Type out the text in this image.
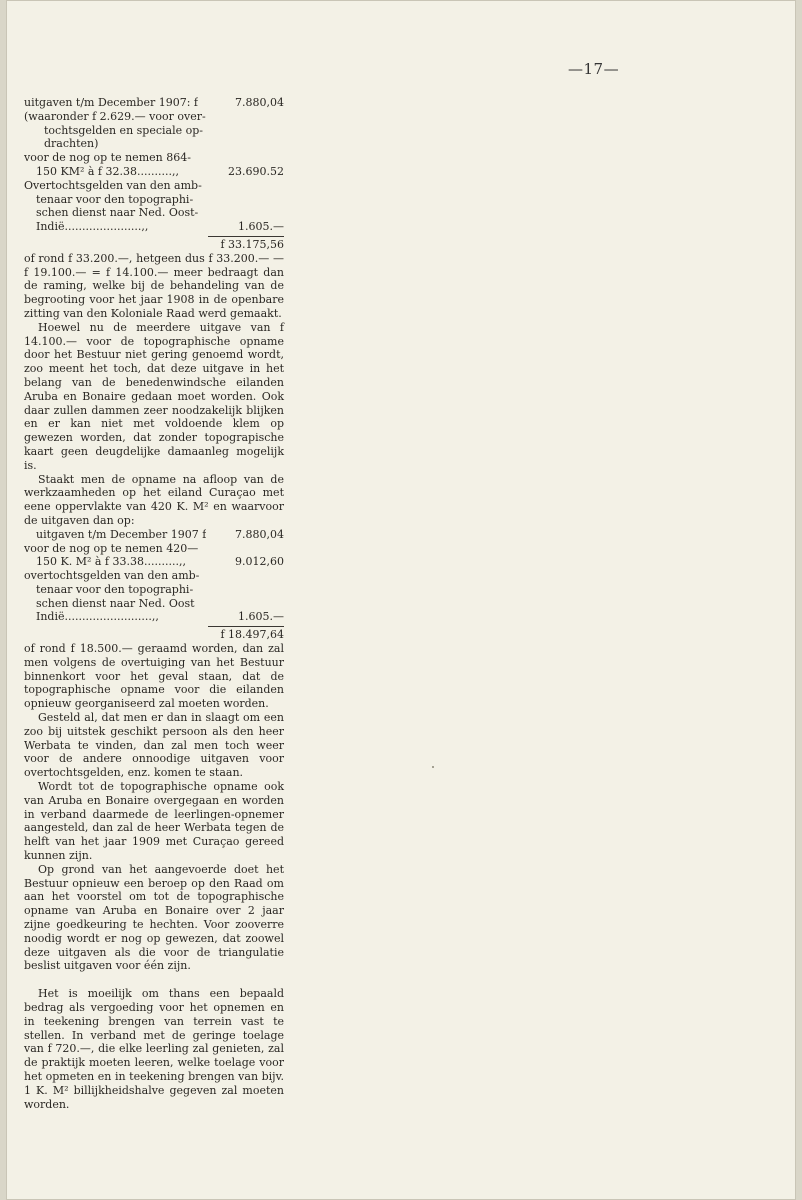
—17—
uitgaven t/m December 1907: f	7.880,04
(waaronder f 2.629.— voor over-
tochtsgelden en speciale op-
drachten)
voor de nog op te nemen 864-
150 KM² à f 32.38..........,,	23.690.52
Overtochtsgelden van den amb-
tenaar voor den topographi-
schen dienst naar Ned. Oost-
Indië......................,,	1.605.—
f 33.175,56
of rond f 33.200.—, hetgeen dus f 33.200.— —f 19.100.— = f 14.100.— meer bedraagt dan de raming, welke bij de behandeling van de begrooting voor het jaar 1908 in de openbare zitting van den Koloniale Raad werd gemaakt.
Hoewel nu de meerdere uitgave van f 14.100.— voor de topographische opname door het Bestuur niet gering genoemd wordt, zoo meent het toch, dat deze uitgave in het belang van de benedenwindsche eilanden Aruba en Bonaire gedaan moet worden. Ook daar zullen dammen zeer noodzakelijk blijken en er kan niet met voldoende klem op gewezen worden, dat zonder topograpische kaart geen deugdelijke damaanleg mogelijk is.
Staakt men de opname na afloop van de werkzaamheden op het eiland Curaçao met eene oppervlakte van 420 K. M² en waarvoor de uitgaven dan op:
uitgaven t/m December 1907 f	7.880,04
voor de nog op te nemen 420—
150 K. M² à f 33.38..........,,	9.012,60
overtochtsgelden van den amb-
tenaar voor den topographi-
schen dienst naar Ned. Oost
Indië.........................,,	1.605.—
f 18.497,64
of rond f 18.500.— geraamd worden, dan zal men volgens de overtuiging van het Bestuur binnenkort voor het geval staan, dat de topographische opname voor die eilanden opnieuw georganiseerd zal moeten worden.
Gesteld al, dat men er dan in slaagt om een zoo bij uitstek geschikt persoon als den heer Werbata te vinden, dan zal men toch weer voor de andere onnoodige uitgaven voor overtochtsgelden, enz. komen te staan.
Wordt tot de topographische opname ook van Aruba en Bonaire overgegaan en worden in verband daarmede de leerlingen-opnemer aangesteld, dan zal de heer Werbata tegen de helft van het jaar 1909 met Curaçao gereed kunnen zijn.
Op grond van het aangevoerde doet het Bestuur opnieuw een beroep op den Raad om aan het voorstel om tot de topographische opname van Aruba en Bonaire over 2 jaar zijne goedkeuring te hechten. Voor zooverre noodig wordt er nog op gewezen, dat zoowel deze uitgaven als die voor de triangulatie beslist uitgaven voor één zijn.
Het is moeilijk om thans een bepaald bedrag als vergoeding voor het opnemen en in teekening brengen van terrein vast te stellen. In verband met de geringe toelage van f 720.—, die elke leerling zal genieten, zal de praktijk moeten leeren, welke toelage voor het opmeten en in teekening brengen van bijv. 1 K. M² billijkheidshalve gegeven zal moeten worden.
